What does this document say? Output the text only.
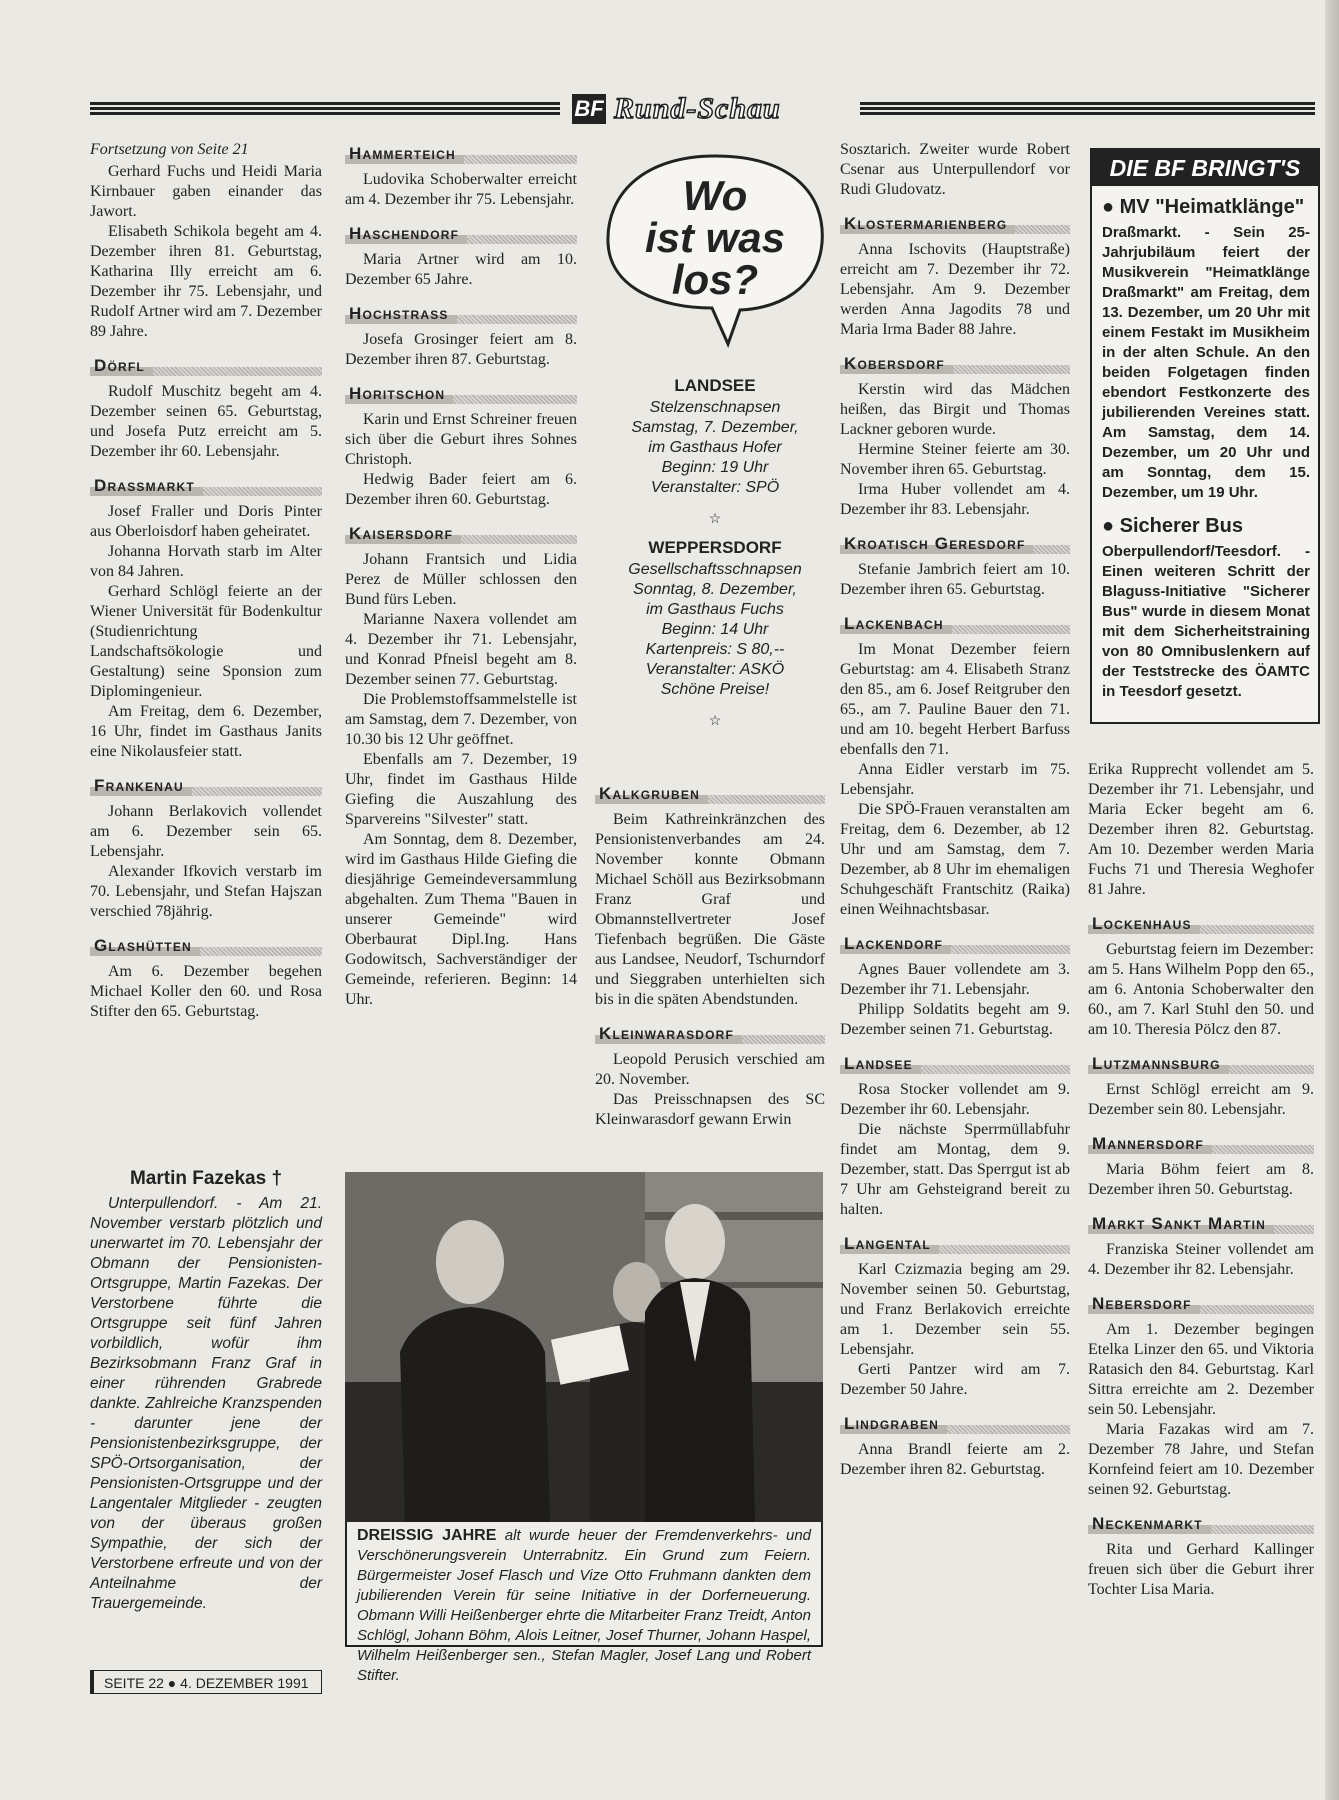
BF Rund-Schau

Fortsetzung von Seite 21

Gerhard Fuchs und Heidi Maria Kirnbauer gaben einander das Jawort.

Elisabeth Schikola begeht am 4. Dezember ihren 81. Geburtstag, Katharina Illy erreicht am 6. Dezember ihr 75. Lebensjahr, und Rudolf Artner wird am 7. Dezember 89 Jahre.

Dörfl

Rudolf Muschitz begeht am 4. Dezember seinen 65. Geburtstag, und Josefa Putz erreicht am 5. Dezember ihr 60. Lebensjahr.

Drassmarkt

Josef Fraller und Doris Pinter aus Oberloisdorf haben geheiratet.

Johanna Horvath starb im Alter von 84 Jahren.

Gerhard Schlögl feierte an der Wiener Universität für Bodenkultur (Studienrichtung Landschaftsökologie und Gestaltung) seine Sponsion zum Diplomingenieur.

Am Freitag, dem 6. Dezember, 16 Uhr, findet im Gasthaus Janits eine Nikolausfeier statt.

Frankenau

Johann Berlakovich vollendet am 6. Dezember sein 65. Lebensjahr.

Alexander Ifkovich verstarb im 70. Lebensjahr, und Stefan Hajszan verschied 78jährig.

Glashütten

Am 6. Dezember begehen Michael Koller den 60. und Rosa Stifter den 65. Geburtstag.

Martin Fazekas †

Unterpullendorf. - Am 21. November verstarb plötzlich und unerwartet im 70. Lebensjahr der Obmann der Pensionisten-Ortsgruppe, Martin Fazekas. Der Verstorbene führte die Ortsgruppe seit fünf Jahren vorbildlich, wofür ihm Bezirksobmann Franz Graf in einer rührenden Grabrede dankte. Zahlreiche Kranzspenden - darunter jene der Pensionistenbezirksgruppe, der SPÖ-Ortsorganisation, der Pensionisten-Ortsgruppe und der Langentaler Mitglieder - zeugten von der überaus großen Sympathie, der sich der Verstorbene erfreute und von der Anteilnahme der Trauergemeinde.

SEITE 22 ● 4. DEZEMBER 1991
Hammerteich

Ludovika Schoberwalter erreicht am 4. Dezember ihr 75. Lebensjahr.

Haschendorf

Maria Artner wird am 10. Dezember 65 Jahre.

Hochstrass

Josefa Grosinger feiert am 8. Dezember ihren 87. Geburtstag.

Horitschon

Karin und Ernst Schreiner freuen sich über die Geburt ihres Sohnes Christoph.

Hedwig Bader feiert am 6. Dezember ihren 60. Geburtstag.

Kaisersdorf

Johann Frantsich und Lidia Perez de Müller schlossen den Bund fürs Leben.

Marianne Naxera vollendet am 4. Dezember ihr 71. Lebensjahr, und Konrad Pfneisl begeht am 8. Dezember seinen 77. Geburtstag.

Die Problemstoffsammelstelle ist am Samstag, dem 7. Dezember, von 10.30 bis 12 Uhr geöffnet.

Ebenfalls am 7. Dezember, 19 Uhr, findet im Gasthaus Hilde Giefing die Auszahlung des Sparvereins "Silvester" statt.

Am Sonntag, dem 8. Dezember, wird im Gasthaus Hilde Giefing die diesjährige Gemeindeversammlung abgehalten. Zum Thema "Bauen in unserer Gemeinde" wird Oberbaurat Dipl.Ing. Hans Godowitsch, Sachverständiger der Gemeinde, referieren. Beginn: 14 Uhr.

Wo
ist was
los?
LANDSEE
Stelzenschnapsen
Samstag, 7. Dezember,
im Gasthaus Hofer
Beginn: 19 Uhr
Veranstalter: SPÖ
☆
WEPPERSDORF
Gesellschaftsschnapsen
Sonntag, 8. Dezember,
im Gasthaus Fuchs
Beginn: 14 Uhr
Kartenpreis: S 80,--
Veranstalter: ASKÖ
Schöne Preise!
☆
Kalkgruben

Beim Kathreinkränzchen des Pensionistenverbandes am 24. November konnte Obmann Michael Schöll aus Bezirksobmann Franz Graf und Obmannstellvertreter Josef Tiefenbach begrüßen. Die Gäste aus Landsee, Neudorf, Tschurndorf und Sieggraben unterhielten sich bis in die späten Abendstunden.

Kleinwarasdorf

Leopold Perusich verschied am 20. November.

Das Preisschnapsen des SC Kleinwarasdorf gewann Erwin

DREISSIG JAHRE alt wurde heuer der Fremdenverkehrs- und Verschönerungsverein Unterrabnitz. Ein Grund zum Feiern. Bürgermeister Josef Flasch und Vize Otto Fruhmann dankten dem jubilierenden Verein für seine Initiative in der Dorferneuerung. Obmann Willi Heißenberger ehrte die Mitarbeiter Franz Treidt, Anton Schlögl, Johann Böhm, Alois Leitner, Josef Thurner, Johann Haspel, Wilhelm Heißenberger sen., Stefan Magler, Josef Lang und Robert Stifter.

Sosztarich. Zweiter wurde Robert Csenar aus Unterpullendorf vor Rudi Gludovatz.

Klostermarienberg

Anna Ischovits (Hauptstraße) erreicht am 7. Dezember ihr 72. Lebensjahr. Am 9. Dezember werden Anna Jagodits 78 und Maria Irma Bader 88 Jahre.

Kobersdorf

Kerstin wird das Mädchen heißen, das Birgit und Thomas Lackner geboren wurde.

Hermine Steiner feierte am 30. November ihren 65. Geburtstag.

Irma Huber vollendet am 4. Dezember ihr 83. Lebensjahr.

Kroatisch Geresdorf

Stefanie Jambrich feiert am 10. Dezember ihren 65. Geburtstag.

Lackenbach

Im Monat Dezember feiern Geburtstag: am 4. Elisabeth Stranz den 85., am 6. Josef Reitgruber den 65., am 7. Pauline Bauer den 71. und am 10. begeht Herbert Barfuss ebenfalls den 71.

Anna Eidler verstarb im 75. Lebensjahr.

Die SPÖ-Frauen veranstalten am Freitag, dem 6. Dezember, ab 12 Uhr und am Samstag, dem 7. Dezember, ab 8 Uhr im ehemaligen Schuhgeschäft Frantschitz (Raika) einen Weihnachtsbasar.

Lackendorf

Agnes Bauer vollendete am 3. Dezember ihr 71. Lebensjahr.

Philipp Soldatits begeht am 9. Dezember seinen 71. Geburtstag.

Landsee

Rosa Stocker vollendet am 9. Dezember ihr 60. Lebensjahr.

Die nächste Sperrmüllabfuhr findet am Montag, dem 9. Dezember, statt. Das Sperrgut ist ab 7 Uhr am Gehsteigrand bereit zu halten.

Langental

Karl Czizmazia beging am 29. November seinen 50. Geburtstag, und Franz Berlakovich erreichte am 1. Dezember sein 55. Lebensjahr.

Gerti Pantzer wird am 7. Dezember 50 Jahre.

Lindgraben

Anna Brandl feierte am 2. Dezember ihren 82. Geburtstag.

DIE BF BRINGT'S
● MV "Heimatklänge"
Draßmarkt. - Sein 25-Jahrjubiläum feiert der Musikverein "Heimatklänge Draßmarkt" am Freitag, dem 13. Dezember, um 20 Uhr mit einem Festakt im Musikheim in der alten Schule. An den beiden Folgetagen finden ebendort Festkonzerte des jubilierenden Vereines statt. Am Samstag, dem 14. Dezember, um 20 Uhr und am Sonntag, dem 15. Dezember, um 19 Uhr.
● Sicherer Bus
Oberpullendorf/Teesdorf. - Einen weiteren Schritt der Blaguss-Initiative "Sicherer Bus" wurde in diesem Monat mit dem Sicherheitstraining von 80 Omnibuslenkern auf der Teststrecke des ÖAMTC in Teesdorf gesetzt.

Erika Rupprecht vollendet am 5. Dezember ihr 71. Lebensjahr, und Maria Ecker begeht am 6. Dezember ihren 82. Geburtstag. Am 10. Dezember werden Maria Fuchs 71 und Theresia Weghofer 81 Jahre.

Lockenhaus

Geburtstag feiern im Dezember: am 5. Hans Wilhelm Popp den 65., am 6. Antonia Schoberwalter den 60., am 7. Karl Stuhl den 50. und am 10. Theresia Pölcz den 87.

Lutzmannsburg

Ernst Schlögl erreicht am 9. Dezember sein 80. Lebensjahr.

Mannersdorf

Maria Böhm feiert am 8. Dezember ihren 50. Geburtstag.

Markt Sankt Martin

Franziska Steiner vollendet am 4. Dezember ihr 82. Lebensjahr.

Nebersdorf

Am 1. Dezember begingen Etelka Linzer den 65. und Viktoria Ratasich den 84. Geburtstag. Karl Sittra erreichte am 2. Dezember sein 50. Lebensjahr.

Maria Fazakas wird am 7. Dezember 78 Jahre, und Stefan Kornfeind feiert am 10. Dezember seinen 92. Geburtstag.

Neckenmarkt

Rita und Gerhard Kallinger freuen sich über die Geburt ihrer Tochter Lisa Maria.
